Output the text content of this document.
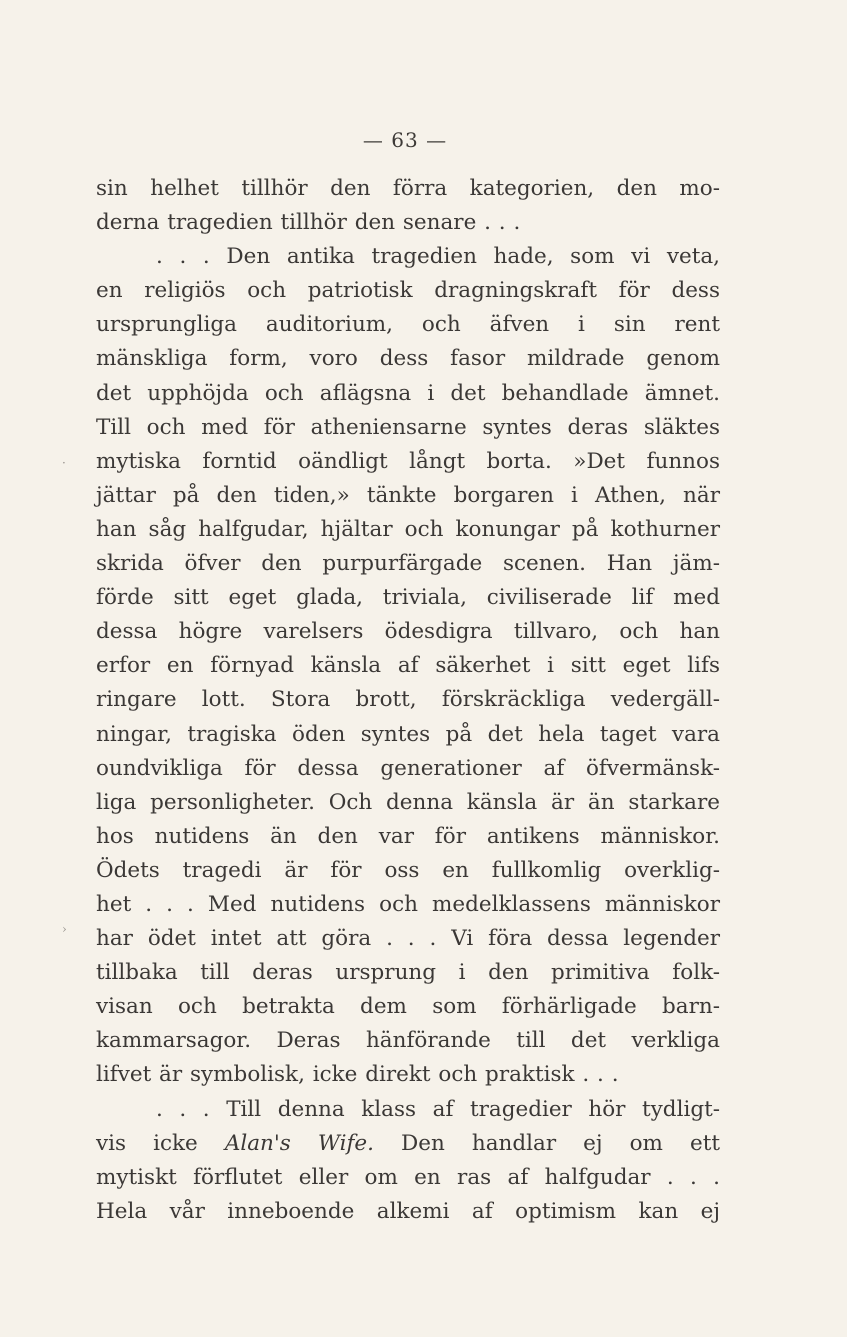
— 63 —
·
›
sin helhet tillhör den förra kategorien, den mo-
derna tragedien tillhör den senare . . .
. . . Den antika tragedien hade, som vi veta,
en religiös och patriotisk dragningskraft för dess
ursprungliga auditorium, och äfven i sin rent
mänskliga form, voro dess fasor mildrade genom
det upphöjda och aflägsna i det behandlade ämnet.
Till och med för atheniensarne syntes deras släktes
mytiska forntid oändligt långt borta. »Det funnos
jättar på den tiden,» tänkte borgaren i Athen, när
han såg halfgudar, hjältar och konungar på kothurner
skrida öfver den purpurfärgade scenen. Han jäm-
förde sitt eget glada, triviala, civiliserade lif med
dessa högre varelsers ödesdigra tillvaro, och han
erfor en förnyad känsla af säkerhet i sitt eget lifs
ringare lott. Stora brott, förskräckliga vedergäll-
ningar, tragiska öden syntes på det hela taget vara
oundvikliga för dessa generationer af öfvermänsk-
liga personligheter. Och denna känsla är än starkare
hos nutidens än den var för antikens människor.
Ödets tragedi är för oss en fullkomlig overklig-
het . . . Med nutidens och medelklassens människor
har ödet intet att göra . . . Vi föra dessa legender
tillbaka till deras ursprung i den primitiva folk-
visan och betrakta dem som förhärligade barn-
kammarsagor. Deras hänförande till det verkliga
lifvet är symbolisk, icke direkt och praktisk . . .
. . . Till denna klass af tragedier hör tydligt-
vis icke Alan's Wife. Den handlar ej om ett
mytiskt förflutet eller om en ras af halfgudar . . .
Hela vår inneboende alkemi af optimism kan ej
